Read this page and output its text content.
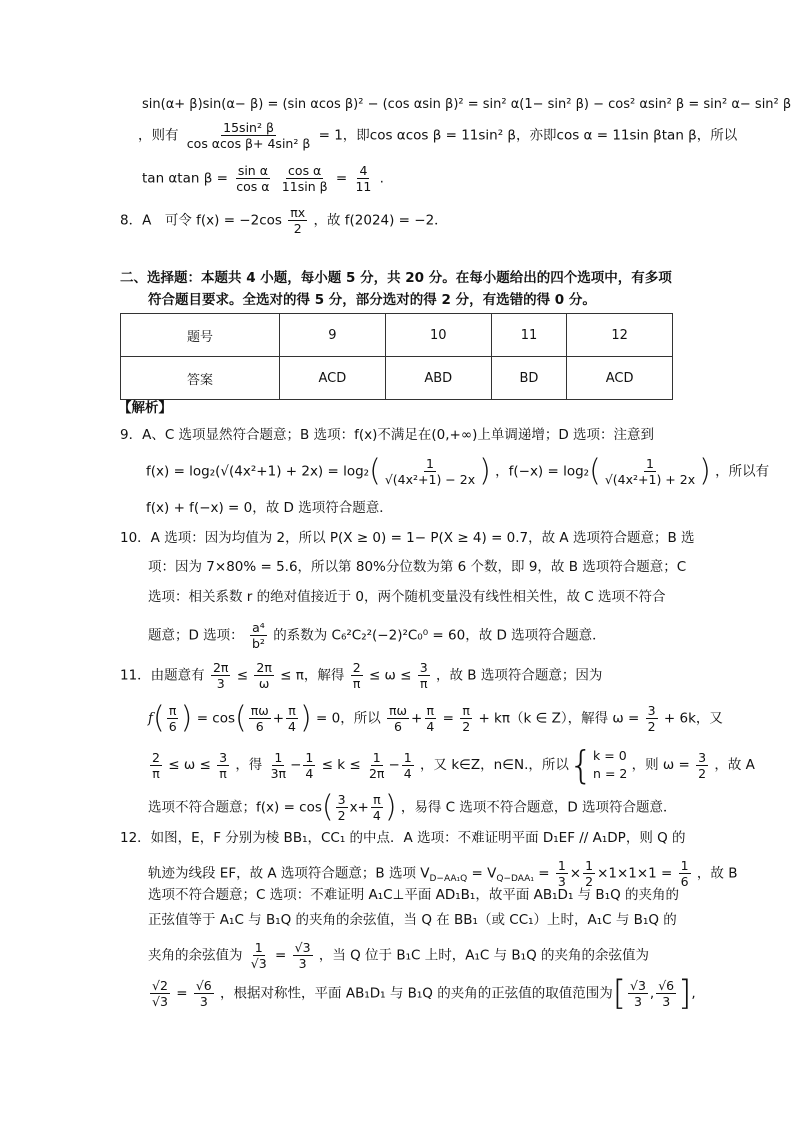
sin(α+ β)sin(α− β) = (sin αcos β)² − (cos αsin β)² = sin² α(1− sin² β) − cos² αsin² β = sin² α− sin² β
，则有 $\frac{\text{15sin² β}}{\text{cos αcos β+ 4sin² β}} = 1$，即cos αcos β = 11sin² β，亦即cos α = 11sin βtan β，所以
tan αtan $\beta = \frac{\text{sin α}}{\text{cos α}}$
$\frac{\text{cos α}}{\text{11sin β}} = \frac{4}{11}$ .
8．A　可令 $f(x) = -2\cos \frac{\pi x}{2}$ ，故 f(2024) = −2．
二、选择题：本题共 4 小题，每小题 5 分，共 20 分。在每小题给出的四个选项中，有多项
符合题目要求。全选对的得 5 分，部分选对的得 2 分，有选错的得 0 分。
题号	9	10	11	12
答案	ACD	ABD	BD	ACD
【解析】
9．A、C 选项显然符合题意；B 选项：f(x)不满足在(0,+∞)上单调递增；D 选项：注意到
$f(x) = \log_2(√(4x^2+1) + 2x) = \log_2( \frac{1}{\text{√(4x²+1) − 2x}}$ ) ，$f(-x) = \log_2( \frac{1}{\text{√(4x²+1) + 2x}}$ ) ，所以有
f(x) + f(−x) = 0，故 D 选项符合题意．
10．A 选项：因为均值为 2，所以 P(X ≥ 0) = 1− P(X ≥ 4) = 0.7，故 A 选项符合题意；B 选
项：因为 7×80% = 5.6，所以第 80%分位数为第 6 个数，即 9，故 B 选项符合题意；C
选项：相关系数 r 的绝对值接近于 0，两个随机变量没有线性相关性，故 C 选项不符合
题意；D 选项： $\frac{\text{a⁴}}{\text{b²}}$ 的系数为 C₆²C₂²(−2)²C₀⁰ = 60，故 D 选项符合题意．
11．由题意有 $\frac{2\pi}{3} \le \frac{2\pi}{\omega} \le \pi$，解得 $\frac{2}{\pi} \le \omega \le \frac{3}{\pi}$ ，故 B 选项符合题意；因为
$f( \frac{\pi}{6}$ ) = $\cos( \frac{\pi\omega}{6} + \frac{\pi}{4}$ ) = 0，所以 $\frac{\pi\omega}{6} + \frac{\pi}{4} = \frac{\pi}{2} + k\pi(k$ ∈ Z），解得 $\omega = \frac{3}{2} + 6k$，又
$\frac{2}{\pi} \le \omega \le \frac{3}{\pi}$ ，得 $\frac{1}{3\pi} - \frac{1}{4} \le k \le \frac{1}{2\pi} - \frac{1}{4}$ ，又 k∈Z，n∈N.，所以{ k = 0
n = 2
，则 $\omega = \frac{3}{2}$ ，故 A
选项不符合题意；$f(x) = \cos( \frac{3}{2} x+ \frac{\pi}{4}$ ) ，易得 C 选项不符合题意，D 选项符合题意．
12．如图，E，F 分别为棱 BB₁，CC₁ 的中点．A 选项：不难证明平面 D₁EF // A₁DP，则 Q 的
轨迹为线段 EF，故 A 选项符合题意；B 选项 $V_{D-AA_1Q} = V_{Q-DAA_1} = \frac{1}{3} \times \frac{1}{2} \times 1\times 1\times 1 = \frac{1}{6}$ ，故 B
选项不符合题意；C 选项：不难证明 A₁C⊥平面 AD₁B₁，故平面 AB₁D₁ 与 B₁Q 的夹角的
正弦值等于 A₁C 与 B₁Q 的夹角的余弦值，当 Q 在 BB₁（或 CC₁）上时，A₁C 与 B₁Q 的
夹角的余弦值为 $\frac{1}{√3} = \frac{√3}{3}$ ，当 Q 位于 B₁C 上时，A₁C 与 B₁Q 的夹角的余弦值为
$\frac{√2}{√3} = \frac{√6}{3}$ ，根据对称性，平面 AB₁D₁ 与 B₁Q 的夹角的正弦值的取值范围为[ $\frac{√3}{3}$ , $\frac{√6}{3}$ ],
